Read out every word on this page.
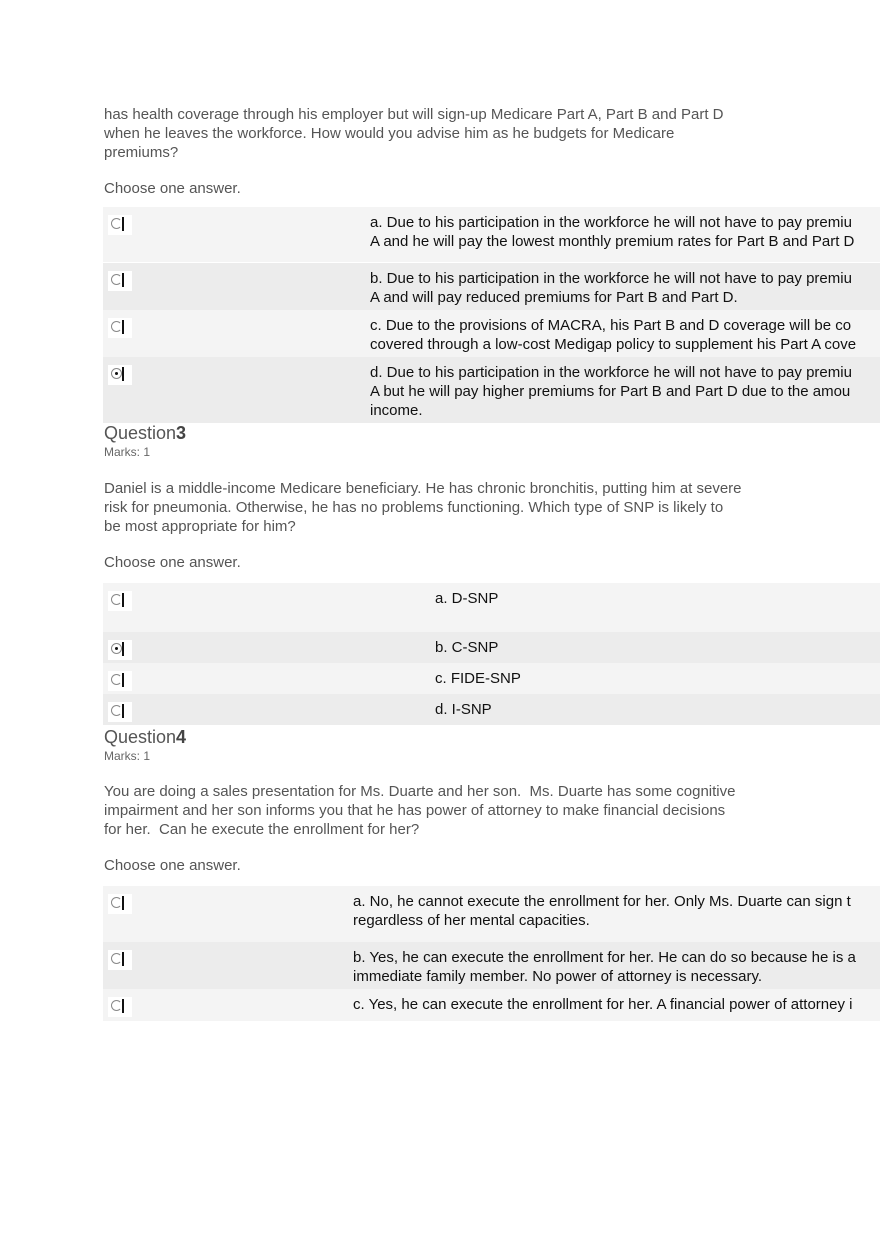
has health coverage through his employer but will sign-up Medicare Part A, Part B and Part D
when he leaves the workforce. How would you advise him as he budgets for Medicare
premiums?

Choose one answer.

a. Due to his participation in the workforce he will not have to pay premiu
A and he will pay the lowest monthly premium rates for Part B and Part D
b. Due to his participation in the workforce he will not have to pay premiu
A and will pay reduced premiums for Part B and Part D.
c. Due to the provisions of MACRA, his Part B and D coverage will be co
covered through a low-cost Medigap policy to supplement his Part A cove
d. Due to his participation in the workforce he will not have to pay premiu
A but he will pay higher premiums for Part B and Part D due to the amou
income.
Question3
Marks: 1

Daniel is a middle-income Medicare beneficiary. He has chronic bronchitis, putting him at severe
risk for pneumonia. Otherwise, he has no problems functioning. Which type of SNP is likely to
be most appropriate for him?

Choose one answer.

a. D-SNP
b. C-SNP
c. FIDE-SNP
d. I-SNP
Question4
Marks: 1

You are doing a sales presentation for Ms. Duarte and her son.  Ms. Duarte has some cognitive
impairment and her son informs you that he has power of attorney to make financial decisions
for her.  Can he execute the enrollment for her?

Choose one answer.

a. No, he cannot execute the enrollment for her. Only Ms. Duarte can sign t
regardless of her mental capacities.
b. Yes, he can execute the enrollment for her. He can do so because he is a
immediate family member. No power of attorney is necessary.
c. Yes, he can execute the enrollment for her. A financial power of attorney i
